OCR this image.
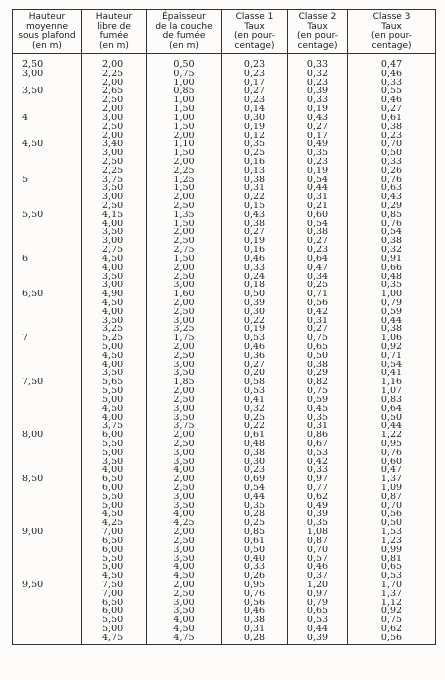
Hauteur
moyenne
sous plafond
(en m)	Hauteur
libre de
fumée
(en m)	Épaisseur
de la couche
de fumée
(en m)	Classe 1
Taux
(en pour-
centage)	Classe 2
Taux
(en pour-
centage)	Classe 3
Taux
(en pour-
centage)
2,50	2,00	0,50	0,23	0,33	0,47
3,00	2,25	0,75	0,23	0,32	0,46
	2,00	1,00	0,17	0,23	0,33
3,50	2,65	0,85	0,27	0,39	0,55
	2,50	1,00	0,23	0,33	0,46
	2,00	1,50	0,14	0,19	0,27
4	3,00	1,00	0,30	0,43	0,61
	2,50	1,50	0,19	0,27	0,38
	2,00	2,00	0,12	0,17	0,23
4,50	3,40	1,10	0,35	0,49	0,70
	3,00	1,50	0,25	0,35	0,50
	2,50	2,00	0,16	0,23	0,33
	2,25	2,25	0,13	0,19	0,26
5	3,75	1,25	0,38	0,54	0,76
	3,50	1,50	0,31	0,44	0,63
	3,00	2,00	0,22	0,31	0,43
	2,50	2,50	0,15	0,21	0,29
5,50	4,15	1,35	0,43	0,60	0,85
	4,00	1,50	0,38	0,54	0,76
	3,50	2,00	0,27	0,38	0,54
	3,00	2,50	0,19	0,27	0,38
	2,75	2,75	0,16	0,23	0,32
6	4,50	1,50	0,46	0,64	0,91
	4,00	2,00	0,33	0,47	0,66
	3,50	2,50	0,24	0,34	0,48
	3,00	3,00	0,18	0,25	0,35
6,50	4,90	1,60	0,50	0,71	1,00
	4,50	2,00	0,39	0,56	0,79
	4,00	2,50	0,30	0,42	0,59
	3,50	3,00	0,22	0,31	0,44
	3,25	3,25	0,19	0,27	0,38
7	5,25	1,75	0,53	0,75	1,06
	5,00	2,00	0,46	0,65	0,92
	4,50	2,50	0,36	0,50	0,71
	4,00	3,00	0,27	0,38	0,54
	3,50	3,50	0,20	0,29	0,41
7,50	5,65	1,85	0,58	0,82	1,16
	5,50	2,00	0,53	0,75	1,07
	5,00	2,50	0,41	0,59	0,83
	4,50	3,00	0,32	0,45	0,64
	4,00	3,50	0,25	0,35	0,50
	3,75	3,75	0,22	0,31	0,44
8,00	6,00	2,00	0,61	0,86	1,22
	5,50	2,50	0,48	0,67	0,95
	5,00	3,00	0,38	0,53	0,76
	3,50	3,50	0,30	0,42	0,60
	4,00	4,00	0,23	0,33	0,47
8,50	6,50	2,00	0,69	0,97	1,37
	6,00	2,50	0,54	0,77	1,09
	5,50	3,00	0,44	0,62	0,87
	5,00	3,50	0,35	0,49	0,70
	4,50	4,00	0,28	0,39	0,56
	4,25	4,25	0,25	0,35	0,50
9,00	7,00	2,00	0,85	1,08	1,53
	6,50	2,50	0,61	0,87	1,23
	6,00	3,00	0,50	0,70	0,99
	5,50	3,50	0,40	0,57	0,81
	5,00	4,00	0,33	0,46	0,65
	4,50	4,50	0,26	0,37	0,53
9,50	7,50	2,00	0,95	1,20	1,70
	7,00	2,50	0,76	0,97	1,37
	6,50	3,00	0,56	0,79	1,12
	6,00	3,50	0,46	0,65	0,92
	5,50	4,00	0,38	0,53	0,75
	5,00	4,50	0,31	0,44	0,62
	4,75	4,75	0,28	0,39	0,56
